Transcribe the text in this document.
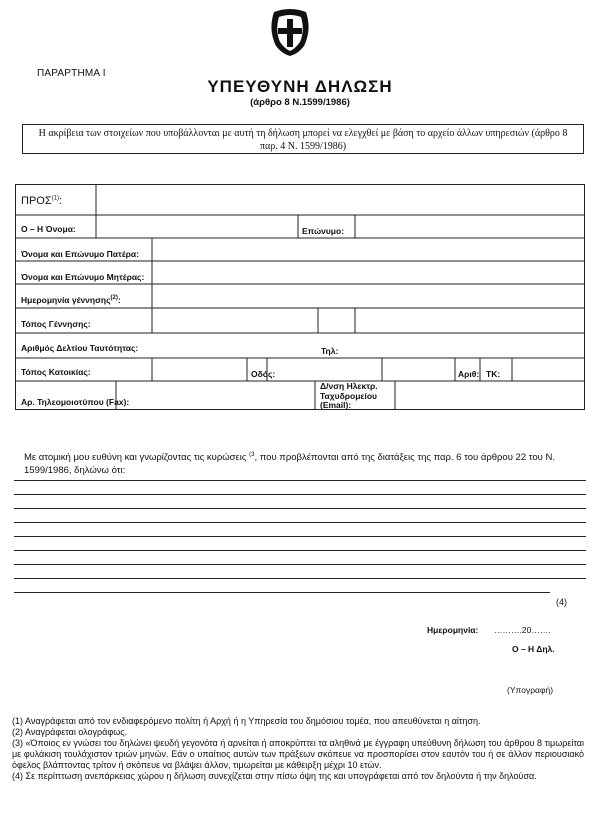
ΠΑΡΑΡΤΗΜΑ Ι
ΥΠΕΥΘΥΝΗ ΔΗΛΩΣΗ
(άρθρο 8 Ν.1599/1986)
Η ακρίβεια των στοιχείων που υποβάλλονται με αυτή τη δήλωση μπορεί να ελεγχθεί με βάση το αρχείο άλλων υπηρεσιών (άρθρο 8 παρ. 4 Ν. 1599/1986)
ΠΡΟΣ$^{(1)}$:
Ο – Η Όνομα:	Επώνυμο:
Όνομα και Επώνυμο Πατέρα:
Όνομα και Επώνυμο Μητέρας:
Ημερομηνία γέννησης$^{(2)}$:
Τόπος Γέννησης:
Αριθμός Δελτίου Ταυτότητας:	Τηλ:
Τόπος Κατοικίας:	Οδός:	Αριθ: ΤΚ:
Αρ. Τηλεομοιοτύπου (Fax):
Δ/νση Ηλεκτρ.
Ταχυδρομείου
(Email):
Με ατομική μου ευθύνη και γνωρίζοντας τις κυρώσεις $^{(3}$, που προβλέπονται από της διατάξεις της παρ. 6 του άρθρου 22 του Ν. 1599/1986, δηλώνω ότι:
(4)
Ημερομηνία: ……….20…….
Ο – Η Δηλ.
(Υπογραφή)

(1) Αναγράφεται από τον ενδιαφερόμενο πολίτη ή Αρχή ή η Υπηρεσία του δημόσιου τομέα, που απευθύνεται η αίτηση.

(2) Αναγράφεται ολογράφως.

(3) «Όποιος εν γνώσει του δηλώνει ψευδή γεγονότα ή αρνείται ή αποκρύπτει τα αληθινά με έγγραφη υπεύθυνη δήλωση του άρθρου 8 τιμωρείται με φυλάκιση τουλάχιστον τριών μηνών. Εάν ο υπαίτιος αυτών των πράξεων σκόπευε να προσπορίσει στον εαυτόν του ή σε άλλον περιουσιακό όφελος βλάπτοντας τρίτον ή σκόπευε να βλάψει άλλον, τιμωρείται με κάθειρξη μέχρι 10 ετών.

(4) Σε περίπτωση ανεπάρκειας χώρου η δήλωση συνεχίζεται στην πίσω όψη της και υπογράφεται από τον δηλούντα ή την δηλούσα.
